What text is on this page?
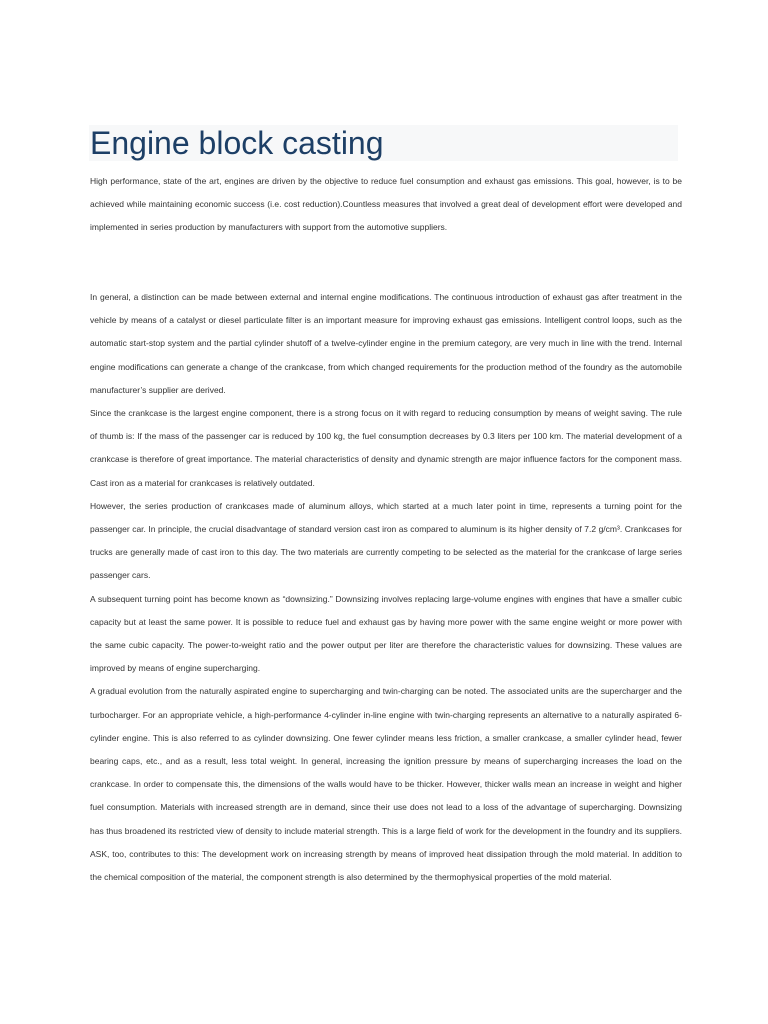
Engine block casting

High performance, state of the art, engines are driven by the objective to reduce fuel consumption and exhaust gas emissions. This goal, however, is to be achieved while maintaining economic success (i.e. cost reduction).Countless measures that involved a great deal of development effort were developed and implemented in series production by manufacturers with support from the automotive suppliers.

In general, a distinction can be made between external and internal engine modifications. The continuous introduction of exhaust gas after treatment in the vehicle by means of a catalyst or diesel particulate filter is an important measure for improving exhaust gas emissions. Intelligent control loops, such as the automatic start-stop system and the partial cylinder shutoff of a twelve-cylinder engine in the premium category, are very much in line with the trend. Internal engine modifications can generate a change of the crankcase, from which changed requirements for the production method of the foundry as the automobile manufacturer’s supplier are derived.

Since the crankcase is the largest engine component, there is a strong focus on it with regard to reducing consumption by means of weight saving. The rule of thumb is: If the mass of the passenger car is reduced by 100 kg, the fuel consumption decreases by 0.3 liters per 100 km. The material development of a crankcase is therefore of great importance. The material characteristics of density and dynamic strength are major influence factors for the component mass. Cast iron as a material for crankcases is relatively outdated.

However, the series production of crankcases made of aluminum alloys, which started at a much later point in time, represents a turning point for the passenger car. In principle, the crucial disadvantage of standard version cast iron as compared to aluminum is its higher density of 7.2 g/cm³. Crankcases for trucks are generally made of cast iron to this day. The two materials are currently competing to be selected as the material for the crankcase of large series passenger cars.

A subsequent turning point has become known as “downsizing.” Downsizing involves replacing large-volume engines with engines that have a smaller cubic capacity but at least the same power. It is possible to reduce fuel and exhaust gas by having more power with the same engine weight or more power with the same cubic capacity. The power-to-weight ratio and the power output per liter are therefore the characteristic values for downsizing. These values are improved by means of engine supercharging.

A gradual evolution from the naturally aspirated engine to supercharging and twin-charging can be noted. The associated units are the supercharger and the turbocharger. For an appropriate vehicle, a high-performance 4-cylinder in-line engine with twin-charging represents an alternative to a naturally aspirated 6-cylinder engine. This is also referred to as cylinder downsizing. One fewer cylinder means less friction, a smaller crankcase, a smaller cylinder head, fewer bearing caps, etc., and as a result, less total weight. In general, increasing the ignition pressure by means of supercharging increases the load on the crankcase. In order to compensate this, the dimensions of the walls would have to be thicker. However, thicker walls mean an increase in weight and higher fuel consumption. Materials with increased strength are in demand, since their use does not lead to a loss of the advantage of supercharging. Downsizing has thus broadened its restricted view of density to include material strength. This is a large field of work for the development in the foundry and its suppliers. ASK, too, contributes to this: The development work on increasing strength by means of improved heat dissipation through the mold material. In addition to the chemical composition of the material, the component strength is also determined by the thermophysical properties of the mold material.
